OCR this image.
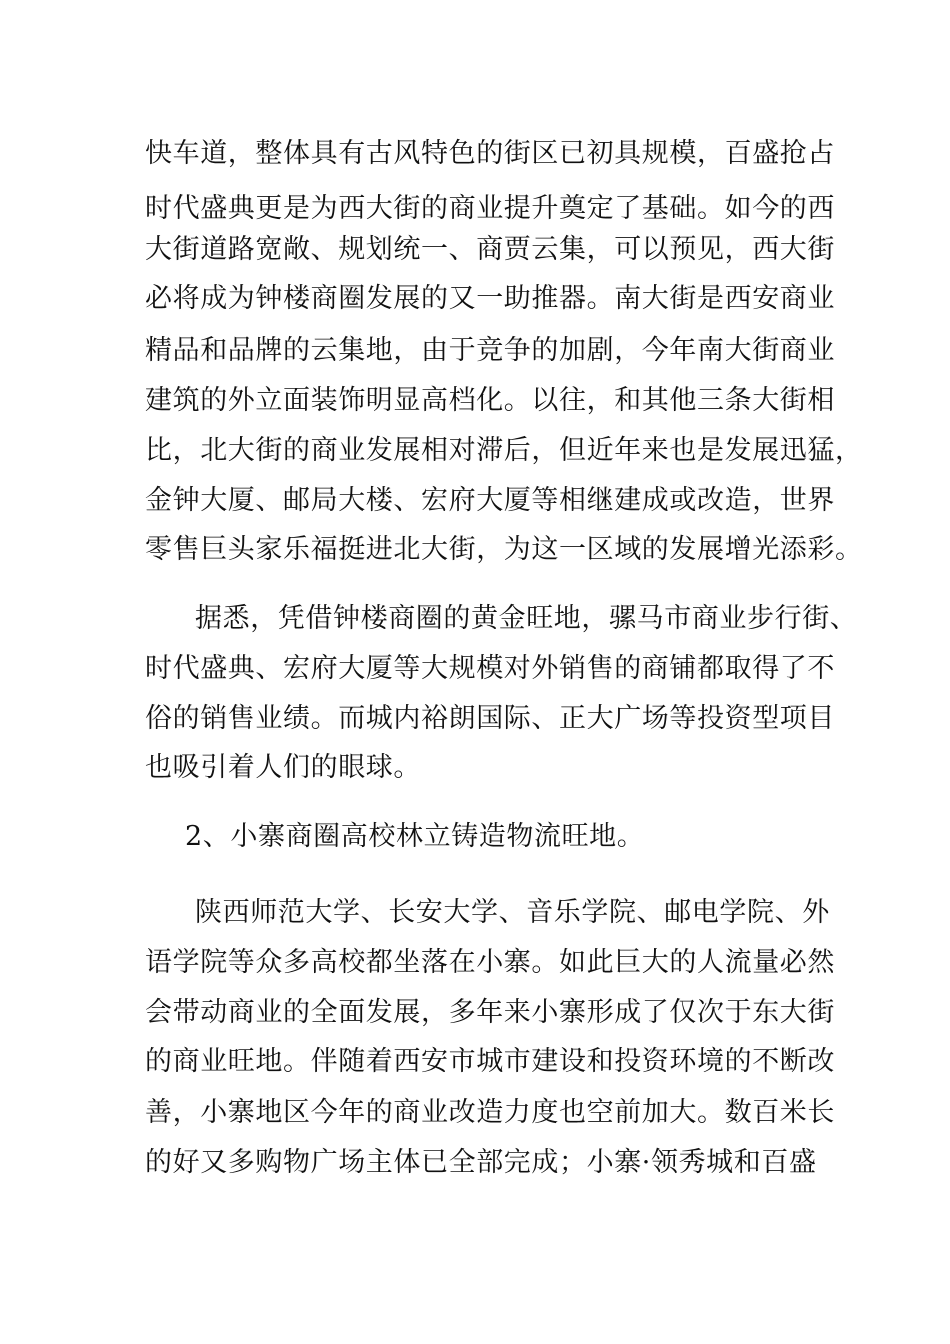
快车道，整体具有古风特色的街区已初具规模，百盛抢占
时代盛典更是为西大街的商业提升奠定了基础。如今的西
大街道路宽敞、规划统一、商贾云集，可以预见，西大街
必将成为钟楼商圈发展的又一助推器。南大街是西安商业
精品和品牌的云集地，由于竞争的加剧，今年南大街商业
建筑的外立面装饰明显高档化。以往，和其他三条大街相
比，北大街的商业发展相对滞后，但近年来也是发展迅猛，
金钟大厦、邮局大楼、宏府大厦等相继建成或改造，世界
零售巨头家乐福挺进北大街，为这一区域的发展增光添彩。
据悉，凭借钟楼商圈的黄金旺地，骡马市商业步行街、
时代盛典、宏府大厦等大规模对外销售的商铺都取得了不
俗的销售业绩。而城内裕朗国际、正大广场等投资型项目
也吸引着人们的眼球。
2、小寨商圈高校林立铸造物流旺地。
陕西师范大学、长安大学、音乐学院、邮电学院、外
语学院等众多高校都坐落在小寨。如此巨大的人流量必然
会带动商业的全面发展，多年来小寨形成了仅次于东大街
的商业旺地。伴随着西安市城市建设和投资环境的不断改
善，小寨地区今年的商业改造力度也空前加大。数百米长
的好又多购物广场主体已全部完成；小寨·领秀城和百盛
